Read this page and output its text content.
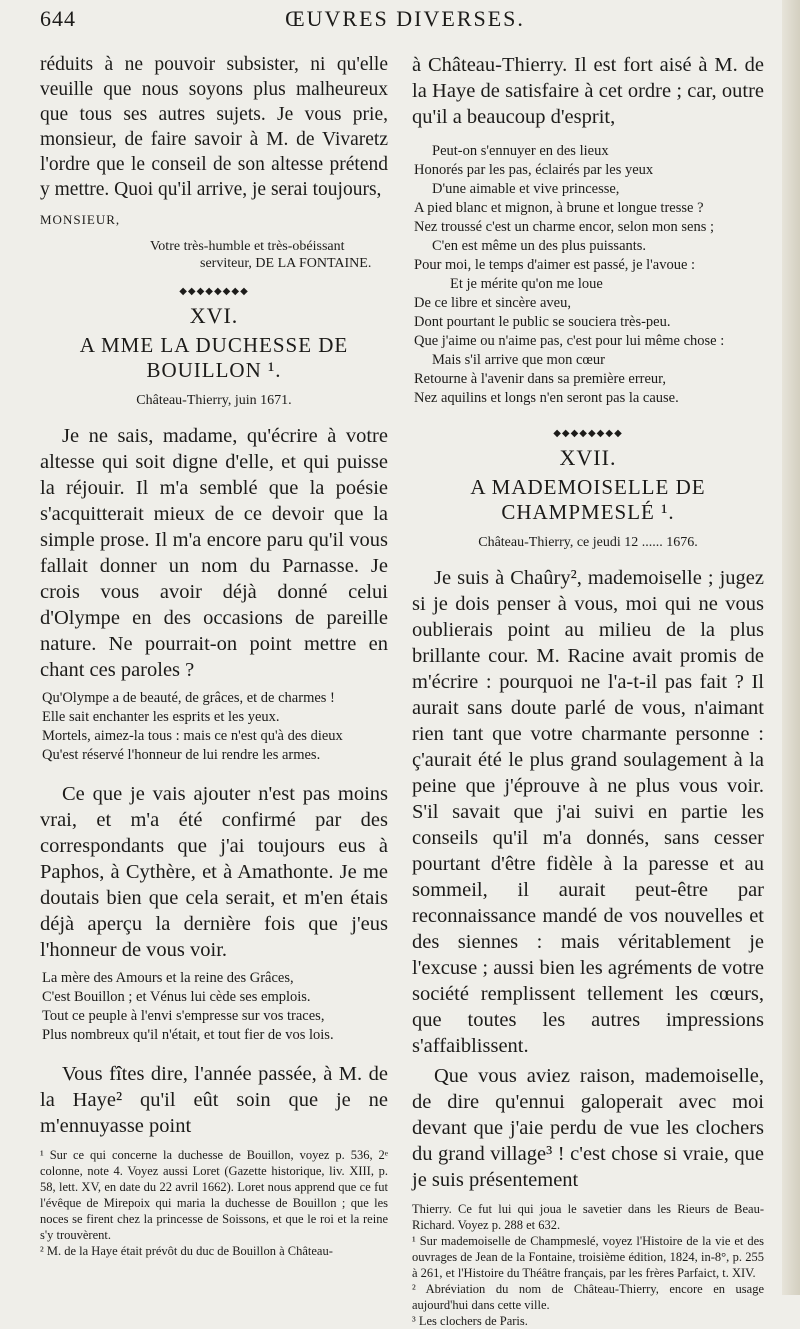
644	ŒUVRES DIVERSES.

réduits à ne pouvoir subsister, ni qu'elle veuille que nous soyons plus malheureux que tous ses autres sujets. Je vous prie, monsieur, de faire savoir à M. de Vivaretz l'ordre que le conseil de son altesse prétend y mettre. Quoi qu'il arrive, je serai toujours,

MONSIEUR,
Votre très-humble et très-obéissant
serviteur, DE LA FONTAINE.
◆◆◆◆◆◆◆◆
XVI.
A MME LA DUCHESSE DE BOUILLON ¹.
Château-Thierry, juin 1671.

Je ne sais, madame, qu'écrire à votre altesse qui soit digne d'elle, et qui puisse la réjouir. Il m'a semblé que la poésie s'acquitterait mieux de ce devoir que la simple prose. Il m'a encore paru qu'il vous fallait donner un nom du Parnasse. Je crois vous avoir déjà donné celui d'Olympe en des occasions de pareille nature. Ne pourrait-on point mettre en chant ces paroles ?

Qu'Olympe a de beauté, de grâces, et de charmes !
Elle sait enchanter les esprits et les yeux.
Mortels, aimez-la tous : mais ce n'est qu'à des dieux
Qu'est réservé l'honneur de lui rendre les armes.

Ce que je vais ajouter n'est pas moins vrai, et m'a été confirmé par des correspondants que j'ai toujours eus à Paphos, à Cythère, et à Amathonte. Je me doutais bien que cela serait, et m'en étais déjà aperçu la dernière fois que j'eus l'honneur de vous voir.

La mère des Amours et la reine des Grâces,
C'est Bouillon ; et Vénus lui cède ses emplois.
Tout ce peuple à l'envi s'empresse sur vos traces,
Plus nombreux qu'il n'était, et tout fier de vos lois.

Vous fîtes dire, l'année passée, à M. de la Haye² qu'il eût soin que je ne m'ennuyasse point

¹ Sur ce qui concerne la duchesse de Bouillon, voyez p. 536, 2ᵉ colonne, note 4. Voyez aussi Loret (Gazette historique, liv. XIII, p. 58, lett. XV, en date du 22 avril 1662). Loret nous apprend que ce fut l'évêque de Mirepoix qui maria la duchesse de Bouillon ; que les noces se firent chez la princesse de Soissons, et que le roi et la reine s'y trouvèrent.

² M. de la Haye était prévôt du duc de Bouillon à Château-

à Château-Thierry. Il est fort aisé à M. de la Haye de satisfaire à cet ordre ; car, outre qu'il a beaucoup d'esprit,

Peut-on s'ennuyer en des lieux
Honorés par les pas, éclairés par les yeux
D'une aimable et vive princesse,
A pied blanc et mignon, à brune et longue tresse ?
Nez troussé c'est un charme encor, selon mon sens ;
C'en est même un des plus puissants.
Pour moi, le temps d'aimer est passé, je l'avoue :
Et je mérite qu'on me loue
De ce libre et sincère aveu,
Dont pourtant le public se souciera très-peu.
Que j'aime ou n'aime pas, c'est pour lui même chose :
Mais s'il arrive que mon cœur
Retourne à l'avenir dans sa première erreur,
Nez aquilins et longs n'en seront pas la cause.
◆◆◆◆◆◆◆◆
XVII.
A MADEMOISELLE DE CHAMPMESLÉ ¹.
Château-Thierry, ce jeudi 12 ...... 1676.

Je suis à Chaûry², mademoiselle ; jugez si je dois penser à vous, moi qui ne vous oublierais point au milieu de la plus brillante cour. M. Racine avait promis de m'écrire : pourquoi ne l'a-t-il pas fait ? Il aurait sans doute parlé de vous, n'aimant rien tant que votre charmante personne : ç'aurait été le plus grand soulagement à la peine que j'éprouve à ne plus vous voir. S'il savait que j'ai suivi en partie les conseils qu'il m'a donnés, sans cesser pourtant d'être fidèle à la paresse et au sommeil, il aurait peut-être par reconnaissance mandé de vos nouvelles et des siennes : mais véritablement je l'excuse ; aussi bien les agréments de votre société remplissent tellement les cœurs, que toutes les autres impressions s'affaiblissent.

Que vous aviez raison, mademoiselle, de dire qu'ennui galoperait avec moi devant que j'aie perdu de vue les clochers du grand village³ ! c'est chose si vraie, que je suis présentement

Thierry. Ce fut lui qui joua le savetier dans les Rieurs de Beau-Richard. Voyez p. 288 et 632.

¹ Sur mademoiselle de Champmeslé, voyez l'Histoire de la vie et des ouvrages de Jean de la Fontaine, troisième édition, 1824, in-8°, p. 255 à 261, et l'Histoire du Théâtre français, par les frères Parfaict, t. XIV.

² Abréviation du nom de Château-Thierry, encore en usage aujourd'hui dans cette ville.

³ Les clochers de Paris.
